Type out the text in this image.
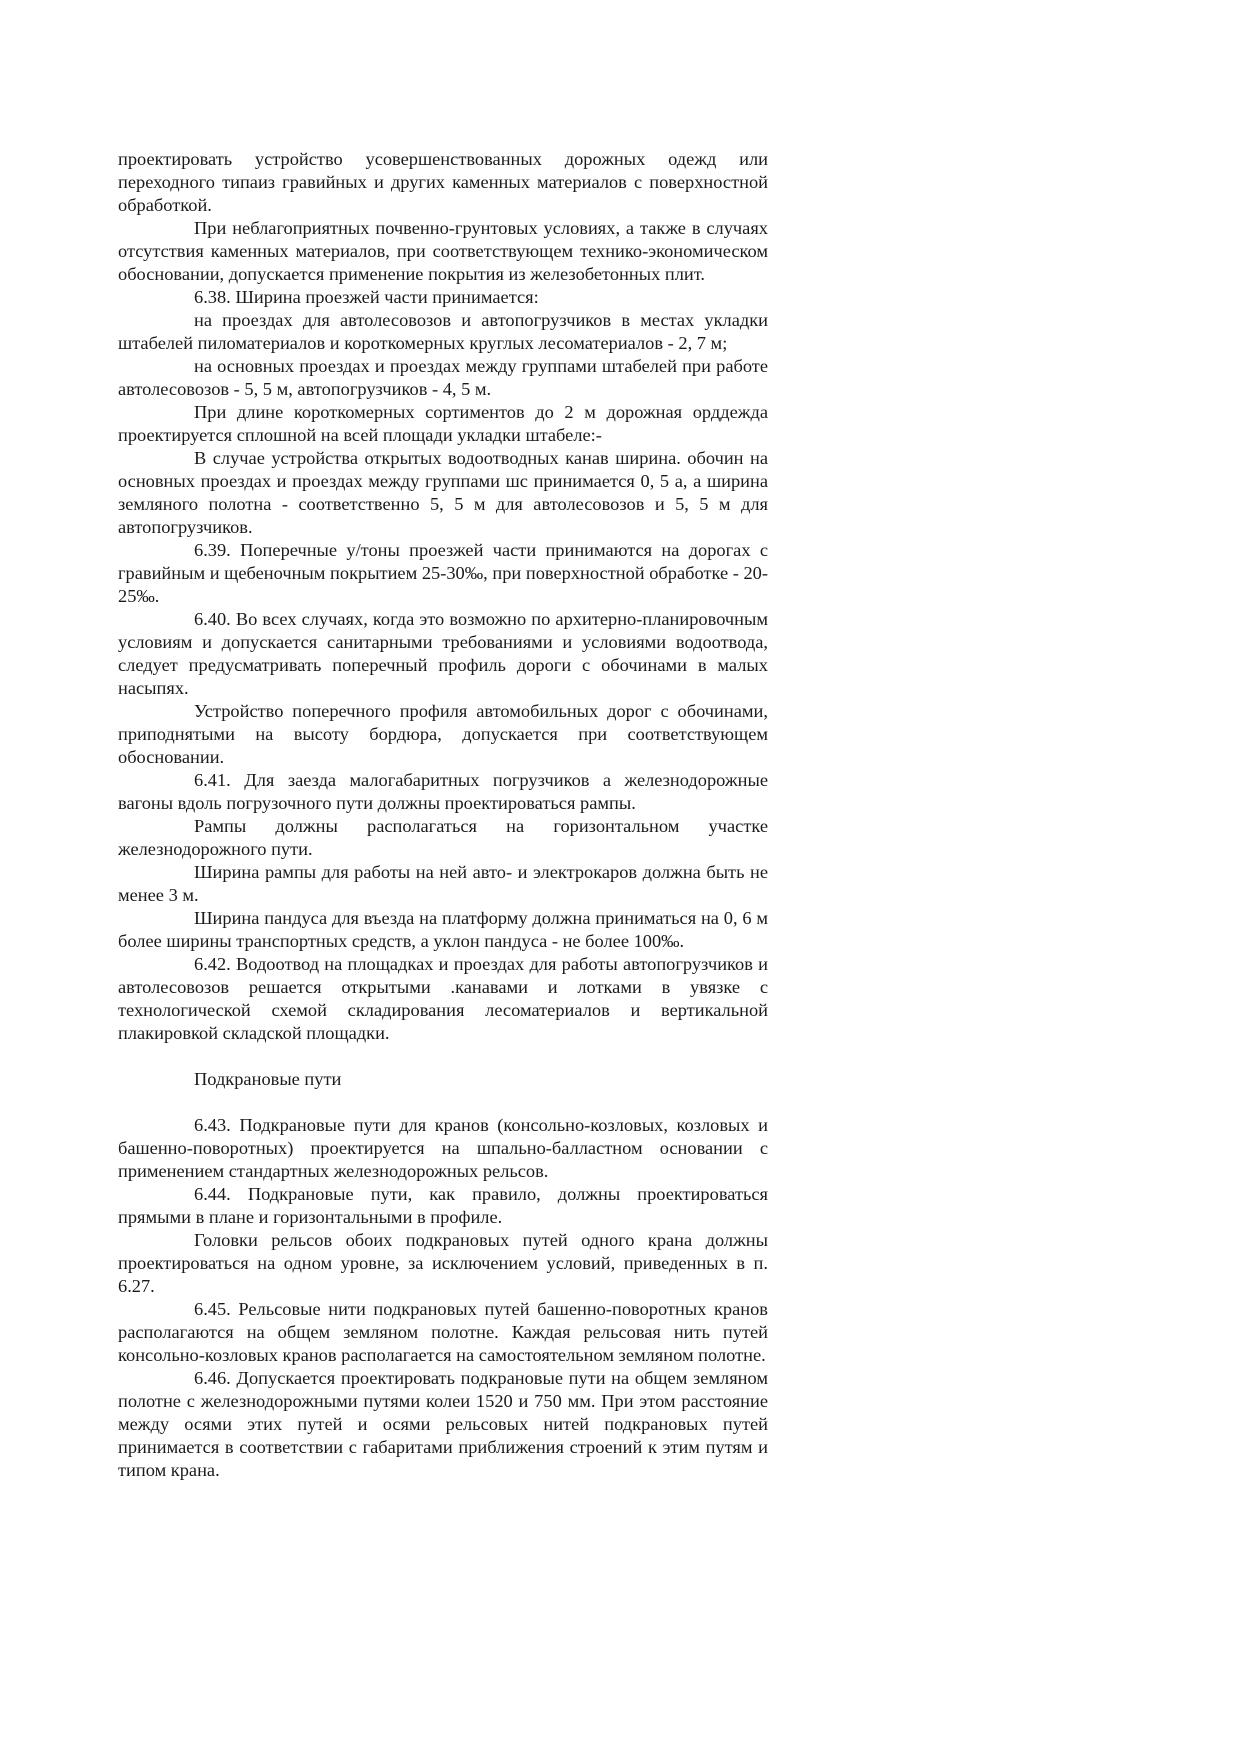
проектировать устройство усовершенствованных дорожных одежд или переходного типаиз гравийных и других каменных материалов с поверхностной обработкой.

При неблагоприятных почвенно-грунтовых условиях, а также в случаях отсутствия каменных материалов, при соответствующем технико-экономическом обосновании, допускается применение покрытия из железобетонных плит.

6.38. Ширина проезжей части принимается:

на проездах для автолесовозов и автопогрузчиков в местах укладки штабелей пиломатериалов и короткомерных круглых лесоматериалов - 2, 7 м;

на основных проездах и проездах между группами штабелей при работе автолесовозов - 5, 5 м, автопогрузчиков - 4, 5 м.

При длине короткомерных сортиментов до 2 м дорожная орддежда проектируется сплошной на всей площади укладки штабеле:-

В случае устройства открытых водоотводных канав ширина. обочин на основных проездах и проездах между группами шс принимается 0, 5 а, а ширина земляного полотна - соответственно 5, 5 м для автолесовозов и 5, 5 м для автопогрузчиков.

6.39. Поперечные у/тоны проезжей части принимаются на дорогах с гравийным и щебеночным покрытием 25-30‰, при поверхностной обработке - 20-25‰.

6.40. Во всех случаях, когда это возможно по архитерно-планировочным условиям и допускается санитарными требованиями и условиями водоотвода, следует предусматривать поперечный профиль дороги с обочинами в малых насыпях.

Устройство поперечного профиля автомобильных дорог с обочинами, приподнятыми на высоту бордюра, допускается при соответствующем обосновании.

6.41. Для заезда малогабаритных погрузчиков а железнодорожные вагоны вдоль погрузочного пути должны проектироваться рампы.

Рампы должны располагаться на горизонтальном участке железнодорожного пути.

Ширина рампы для работы на ней авто- и электрокаров должна быть не менее 3 м.

Ширина пандуса для въезда на платформу должна приниматься на 0, 6 м более ширины транспортных средств, а уклон пандуса - не более 100‰.

6.42. Водоотвод на площадках и проездах для работы автопогрузчиков и автолесовозов решается открытыми .канавами и лотками в увязке с технологической схемой складирования лесоматериалов и вертикальной плакировкой складской площадки.

Подкрановые пути

6.43. Подкрановые пути для кранов (консольно-козловых, козловых и башенно-поворотных) проектируется на шпально-балластном основании с применением стандартных железнодорожных рельсов.

6.44. Подкрановые пути, как правило, должны проектироваться прямыми в плане и горизонтальными в профиле.

Головки рельсов обоих подкрановых путей одного крана должны проектироваться на одном уровне, за исключением условий, приведенных в п. 6.27.

6.45. Рельсовые нити подкрановых путей башенно-поворотных кранов располагаются на общем земляном полотне. Каждая рельсовая нить путей консольно-козловых кранов располагается на самостоятельном земляном полотне.

6.46. Допускается проектировать подкрановые пути на общем земляном полотне с железнодорожными путями колеи 1520 и 750 мм. При этом расстояние между осями этих путей и осями рельсовых нитей подкрановых путей принимается в соответствии с габаритами приближения строений к этим путям и типом крана.
